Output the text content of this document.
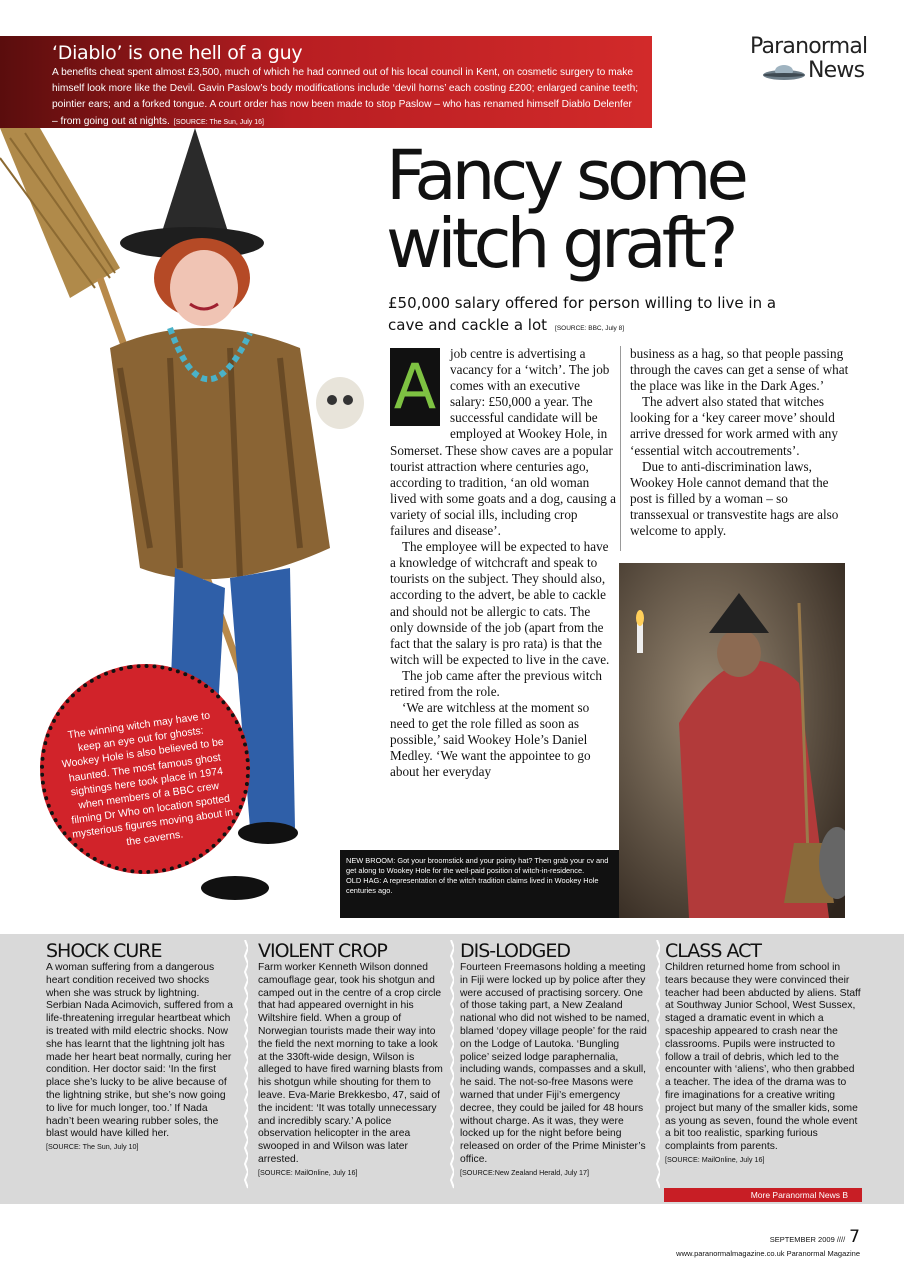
‘Diablo’ is one hell of a guy

A benefits cheat spent almost £3,500, much of which he had conned out of his local council in Kent, on cosmetic surgery to make himself look more like the Devil. Gavin Paslow’s body modifications include ‘devil horns’ each costing £200; enlarged canine teeth; pointier ears; and a forked tongue. A court order has now been made to stop Paslow – who has renamed himself Diablo Delenfer – from going out at nights. [SOURCE: The Sun, July 16]

Paranormal
News
Fancy some
witch graft?
£50,000 salary offered for person willing to live in a cave and cackle a lot [SOURCE: BBC, July 8]
A	job centre is advertising a vacancy for a ‘witch’. The job comes with an executive salary: £50,000 a year. The successful candidate will be employed at Wookey Hole, in Somerset. These show caves are a popular tourist attraction where centuries ago, according to tradition, ‘an old woman lived with some goats and a dog, causing a variety of social ills, including crop failures and disease’.

The employee will be expected to have a knowledge of witchcraft and speak to tourists on the subject. They should also, according to the advert, be able to cackle and should not be allergic to cats. The only downside of the job (apart from the fact that the salary is pro rata) is that the witch will be expected to live in the cave.

The job came after the previous witch retired from the role.

‘We are witchless at the moment so need to get the role filled as soon as possible,’ said Wookey Hole’s Daniel Medley. ‘We want the appointee to go about her everyday

business as a hag, so that people passing through the caves can get a sense of what the place was like in the Dark Ages.’

The advert also stated that witches looking for a ‘key career move’ should arrive dressed for work armed with any ‘essential witch accoutrements’.

Due to anti-discrimination laws, Wookey Hole cannot demand that the post is filled by a woman – so transsexual or transvestite hags are also welcome to apply.

NEW BROOM: Got your broomstick and your pointy hat? Then grab your cv and get along to Wookey Hole for the well-paid position of witch-in-residence.
OLD HAG: A representation of the witch tradition claims lived in Wookey Hole centuries ago.
The winning witch may have to keep an eye out for ghosts: Wookey Hole is also believed to be haunted. The most famous ghost sightings here took place in 1974 when members of a BBC crew filming Dr Who on location spotted mysterious figures moving about in the caverns.
SHOCK CURE
A woman suffering from a dangerous heart condition received two shocks when she was struck by lightning. Serbian Nada Acimovich, suffered from a life-threatening irregular heartbeat which is treated with mild electric shocks. Now she has learnt that the lightning jolt has made her heart beat normally, curing her condition. Her doctor said: ‘In the first place she’s lucky to be alive because of the lightning strike, but she’s now going to live for much longer, too.’ If Nada hadn’t been wearing rubber soles, the blast would have killed her.
[SOURCE: The Sun, July 10]
VIOLENT CROP
Farm worker Kenneth Wilson donned camouflage gear, took his shotgun and camped out in the centre of a crop circle that had appeared overnight in his Wiltshire field. When a group of Norwegian tourists made their way into the field the next morning to take a look at the 330ft-wide design, Wilson is alleged to have fired warning blasts from his shotgun while shouting for them to leave. Eva-Marie Brekkesbo, 47, said of the incident: ‘It was totally unnecessary and incredibly scary.’ A police observation helicopter in the area swooped in and Wilson was later arrested.
[SOURCE: MailOnline, July 16]
DIS-LODGED
Fourteen Freemasons holding a meeting in Fiji were locked up by police after they were accused of practising sorcery. One of those taking part, a New Zealand national who did not wished to be named, blamed ‘dopey village people’ for the raid on the Lodge of Lautoka. ‘Bungling police’ seized lodge paraphernalia, including wands, compasses and a skull, he said. The not-so-free Masons were warned that under Fiji’s emergency decree, they could be jailed for 48 hours without charge. As it was, they were locked up for the night before being released on order of the Prime Minister’s office.
[SOURCE:New Zealand Herald, July 17]
CLASS ACT
Children returned home from school in tears because they were convinced their teacher had been abducted by aliens. Staff at Southway Junior School, West Sussex, staged a dramatic event in which a spaceship appeared to crash near the classrooms. Pupils were instructed to follow a trail of debris, which led to the encounter with ‘aliens’, who then grabbed a teacher. The idea of the drama was to fire imaginations for a creative writing project but many of the smaller kids, some as young as seven, found the whole event a bit too realistic, sparking furious complaints from parents.
[SOURCE: MailOnline, July 16]
More Paranormal News B
SEPTEMBER 2009 //// 7
www.paranormalmagazine.co.uk Paranormal Magazine
